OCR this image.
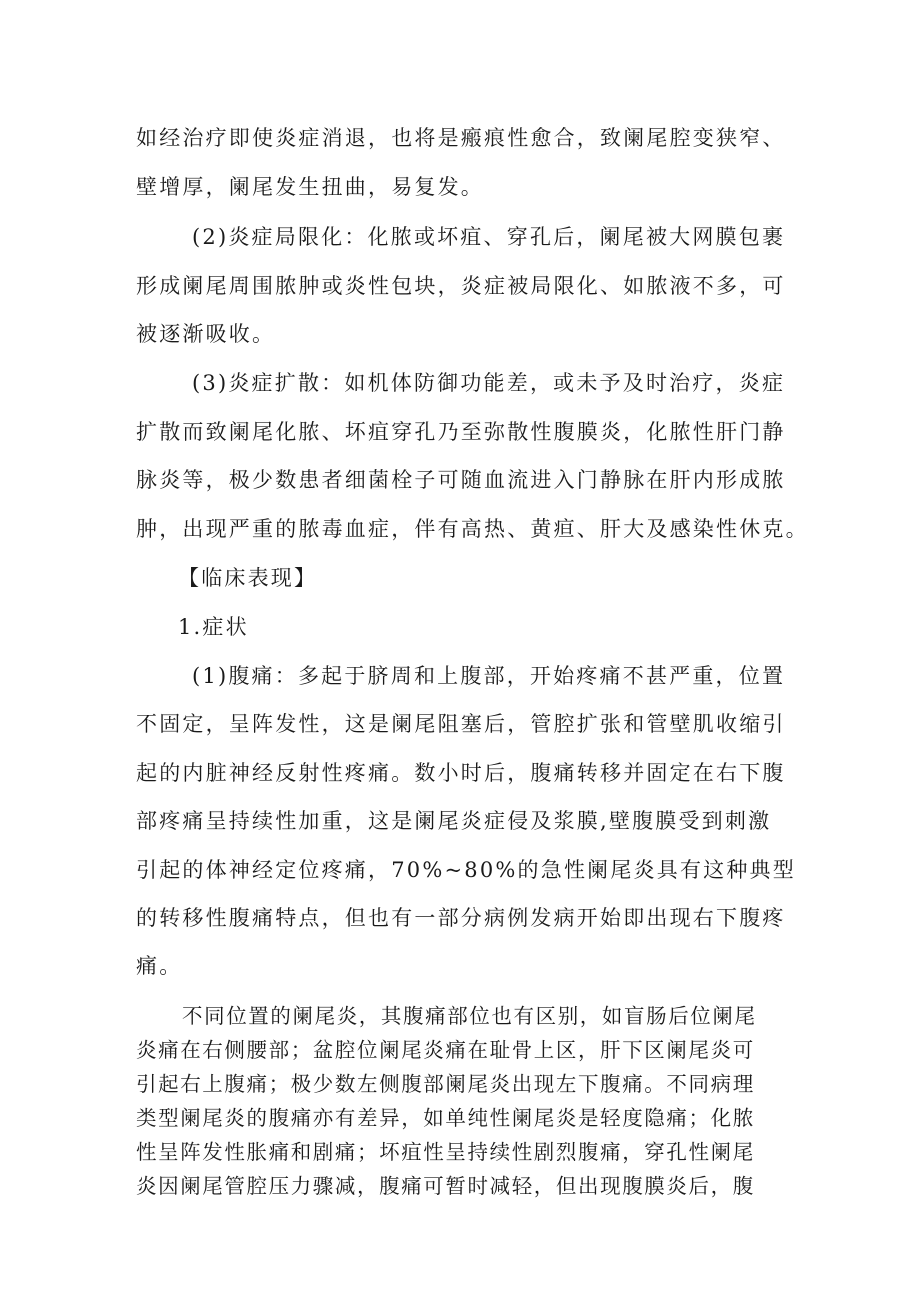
如经治疗即使炎症消退，也将是瘢痕性愈合，致阑尾腔变狭窄、
壁增厚，阑尾发生扭曲，易复发。
(2)炎症局限化：化脓或坏疽、穿孔后，阑尾被大网膜包裹
形成阑尾周围脓肿或炎性包块，炎症被局限化、如脓液不多，可
被逐渐吸收。
(3)炎症扩散：如机体防御功能差，或未予及时治疗，炎症
扩散而致阑尾化脓、坏疽穿孔乃至弥散性腹膜炎，化脓性肝门静
脉炎等，极少数患者细菌栓子可随血流进入门静脉在肝内形成脓
肿，出现严重的脓毒血症，伴有高热、黄疸、肝大及感染性休克。
【临床表现】
1.症状
(1)腹痛：多起于脐周和上腹部，开始疼痛不甚严重，位置
不固定，呈阵发性，这是阑尾阻塞后，管腔扩张和管壁肌收缩引
起的内脏神经反射性疼痛。数小时后，腹痛转移并固定在右下腹
部疼痛呈持续性加重，这是阑尾炎症侵及浆膜,壁腹膜受到刺激
引起的体神经定位疼痛，70%~80%的急性阑尾炎具有这种典型
的转移性腹痛特点，但也有一部分病例发病开始即出现右下腹疼
痛。
不同位置的阑尾炎，其腹痛部位也有区别，如盲肠后位阑尾
炎痛在右侧腰部；盆腔位阑尾炎痛在耻骨上区，肝下区阑尾炎可
引起右上腹痛；极少数左侧腹部阑尾炎出现左下腹痛。不同病理
类型阑尾炎的腹痛亦有差异，如单纯性阑尾炎是轻度隐痛；化脓
性呈阵发性胀痛和剧痛；坏疽性呈持续性剧烈腹痛，穿孔性阑尾
炎因阑尾管腔压力骤减，腹痛可暂时减轻，但出现腹膜炎后，腹
